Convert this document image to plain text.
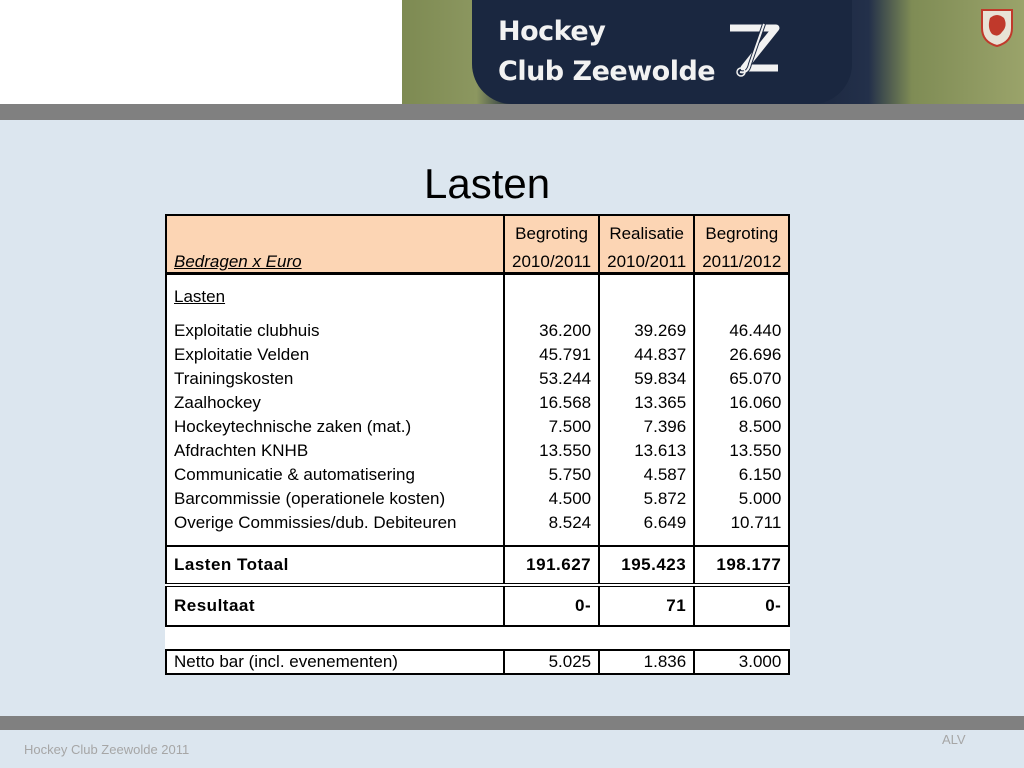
Hockey
Club Zeewolde
Lasten
	Begroting	Realisatie	Begroting
Bedragen x Euro	2010/2011	2010/2011	2011/2012

Lasten			

Exploitatie clubhuis	36.200	39.269	46.440
Exploitatie Velden	45.791	44.837	26.696
Trainingskosten	53.244	59.834	65.070
Zaalhockey	16.568	13.365	16.060
Hockeytechnische zaken (mat.)	7.500	7.396	8.500
Afdrachten KNHB	13.550	13.613	13.550
Communicatie & automatisering	5.750	4.587	6.150
Barcommissie (operationele kosten)	4.500	5.872	5.000
Overige Commissies/dub. Debiteuren	8.524	6.649	10.711

Lasten Totaal	191.627	195.423	198.177
Resultaat	0-	71	0-

Netto bar (incl. evenementen)	5.025	1.836	3.000
Hockey Club Zeewolde 2011
ALV
